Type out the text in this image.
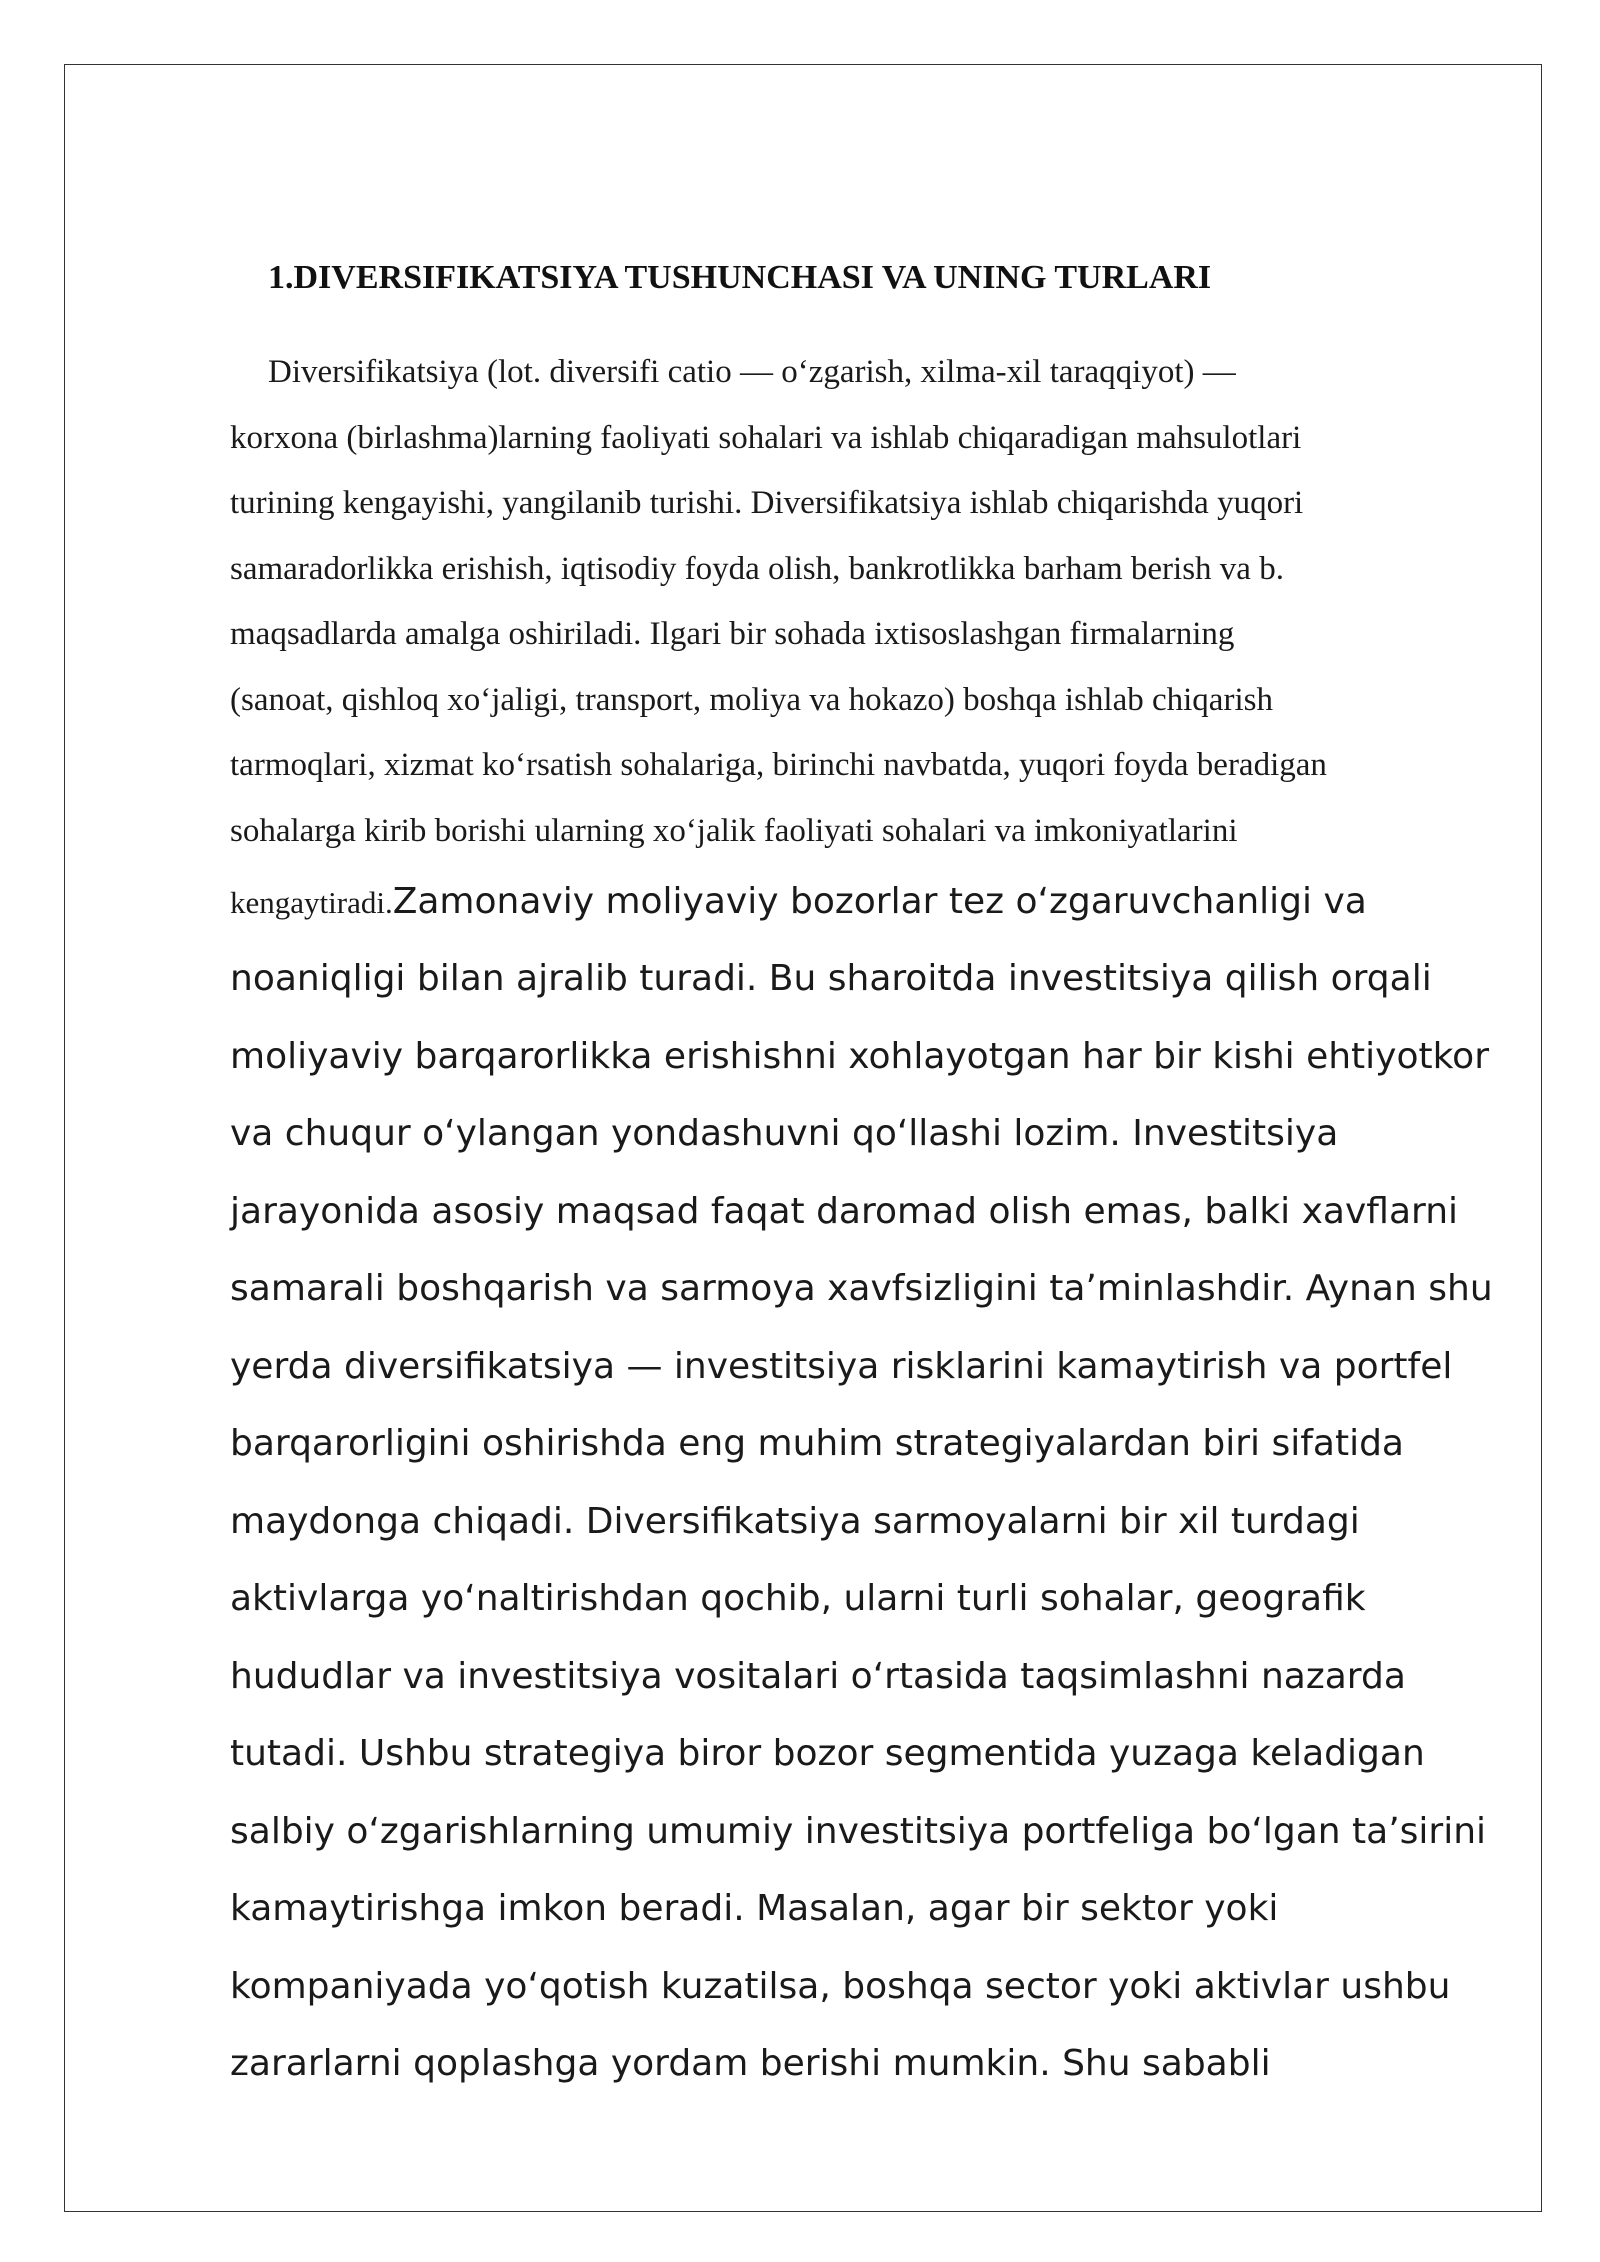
1.DIVERSIFIKATSIYA TUSHUNCHASI VA UNING TURLARI
Diversifikatsiya (lot. diversifi catio — o‘zgarish, xilma-xil taraqqiyot) —
korxona (birlashma)larning faoliyati sohalari va ishlab chiqaradigan mahsulotlari
turining kengayishi, yangilanib turishi. Diversifikatsiya ishlab chiqarishda yuqori
samaradorlikka erishish, iqtisodiy foyda olish, bankrotlikka barham berish va b.
maqsadlarda amalga oshiriladi. Ilgari bir sohada ixtisoslashgan firmalarning
(sanoat, qishloq xo‘jaligi, transport, moliya va hokazo) boshqa ishlab chiqarish
tarmoqlari, xizmat ko‘rsatish sohalariga, birinchi navbatda, yuqori foyda beradigan
sohalarga kirib borishi ularning xo‘jalik faoliyati sohalari va imkoniyatlarini
kengaytiradi.Zamonaviy moliyaviy bozorlar tez o‘zgaruvchanligi va
noaniqligi bilan ajralib turadi. Bu sharoitda investitsiya qilish orqali
moliyaviy barqarorlikka erishishni xohlayotgan har bir kishi ehtiyotkor
va chuqur o‘ylangan yondashuvni qo‘llashi lozim. Investitsiya
jarayonida asosiy maqsad faqat daromad olish emas, balki xavflarni
samarali boshqarish va sarmoya xavfsizligini ta’minlashdir. Aynan shu
yerda diversifikatsiya — investitsiya risklarini kamaytirish va portfel
barqarorligini oshirishda eng muhim strategiyalardan biri sifatida
maydonga chiqadi. Diversifikatsiya sarmoyalarni bir xil turdagi
aktivlarga yo‘naltirishdan qochib, ularni turli sohalar, geografik
hududlar va investitsiya vositalari o‘rtasida taqsimlashni nazarda
tutadi. Ushbu strategiya biror bozor segmentida yuzaga keladigan
salbiy o‘zgarishlarning umumiy investitsiya portfeliga bo‘lgan ta’sirini
kamaytirishga imkon beradi. Masalan, agar bir sektor yoki
kompaniyada yo‘qotish kuzatilsa, boshqa sector yoki aktivlar ushbu
zararlarni qoplashga yordam berishi mumkin. Shu sababli
